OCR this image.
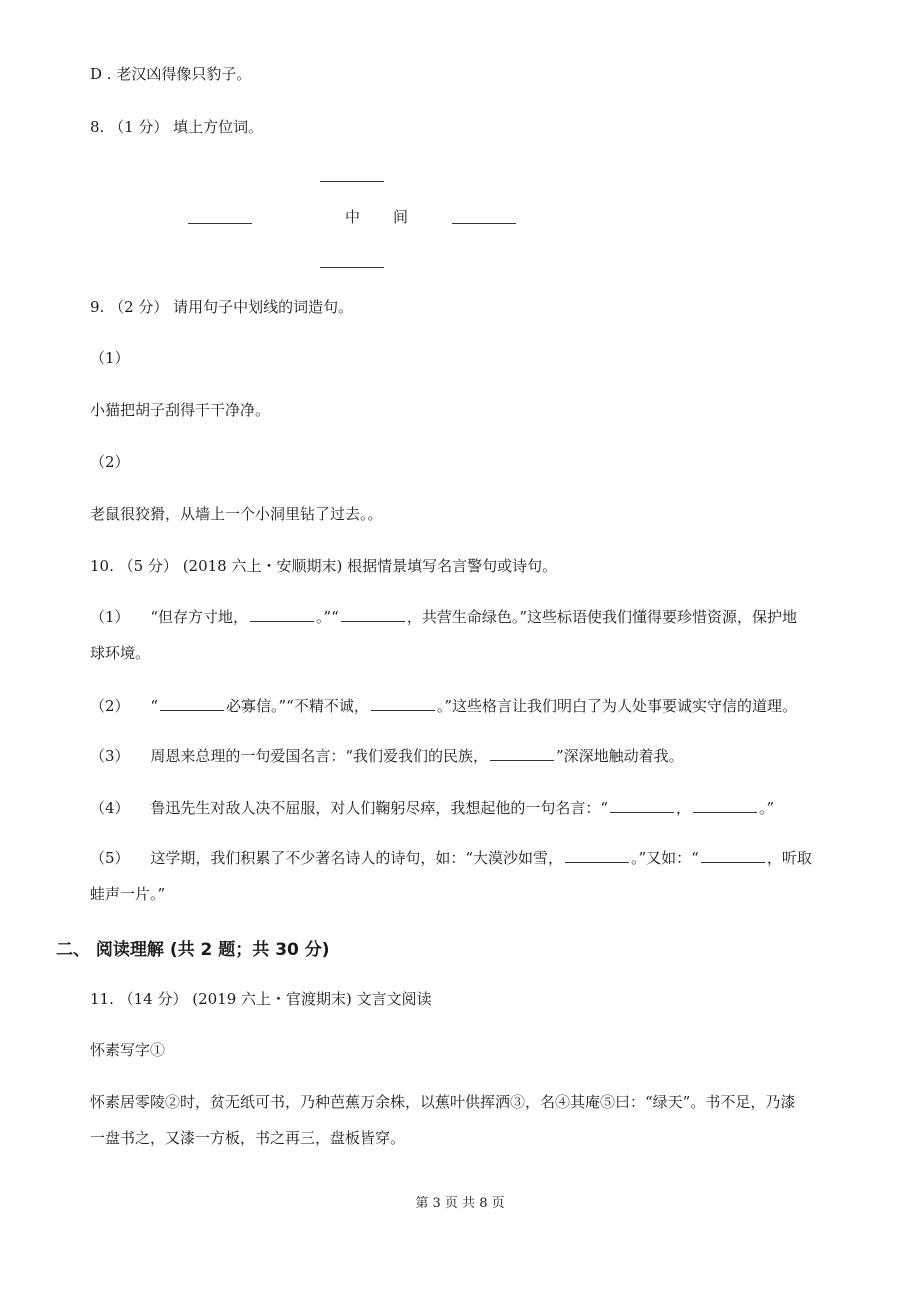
D . 老汉凶得像只豹子。
8. （1 分） 填上方位词。
中 间
9. （2 分） 请用句子中划线的词造句。
（1）
小猫把胡子刮得干干净净。
（2）
老鼠很狡猾，从墙上一个小洞里钻了过去。。
10. （5 分） (2018 六上・安顺期末) 根据情景填写名言警句或诗句。
（1） “但存方寸地，	。”“	，共营生命绿色。”这些标语使我们懂得要珍惜资源，保护地
球环境。
（2） “	必寡信。”“不精不诚，	。”这些格言让我们明白了为人处事要诚实守信的道理。
（3） 周恩来总理的一句爱国名言：“我们爱我们的民族，	”深深地触动着我。
（4） 鲁迅先生对敌人决不屈服，对人们鞠躬尽瘁，我想起他的一句名言：“	，	。”
（5） 这学期，我们积累了不少著名诗人的诗句，如：“大漠沙如雪，	。”又如：“	，听取
蛙声一片。”
二、 阅读理解 (共 2 题；共 30 分)
11. （14 分） (2019 六上・官渡期末) 文言文阅读
怀素写字①
怀素居零陵②时，贫无纸可书，乃种芭蕉万余株，以蕉叶供挥洒③，名④其庵⑤曰：“绿天”。书不足，乃漆
一盘书之，又漆一方板，书之再三，盘板皆穿。
第 3 页 共 8 页
